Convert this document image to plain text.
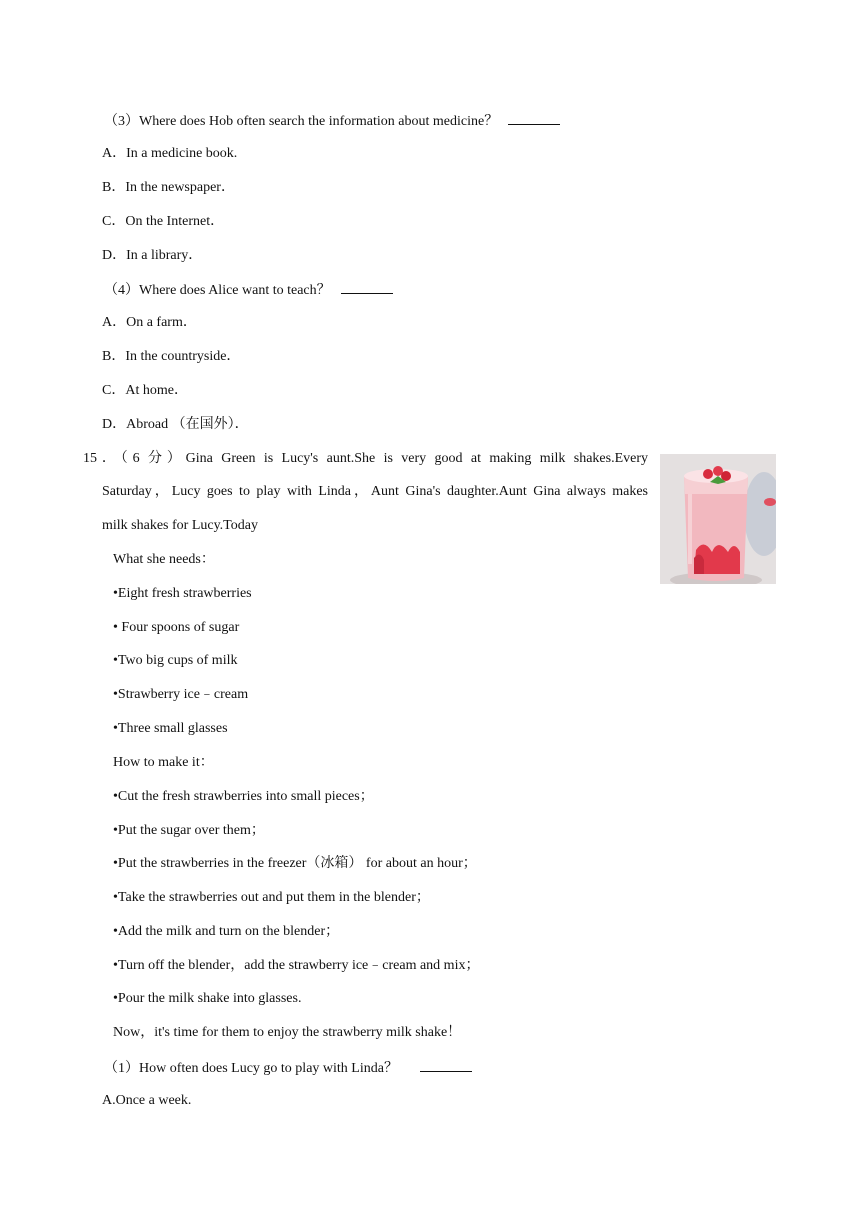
（3）Where does Hob often search the information about medicine？
A．In a medicine book.
B．In the newspaper．
C．On the Internet．
D．In a library．
（4）Where does Alice want to teach？
A．On a farm．
B．In the countryside．
C．At home．
D．Abroad （在国外）．
15．（6 分）Gina Green is Lucy's aunt.She is very good at making milk shakes.Every
Saturday，Lucy goes to play with Linda，Aunt Gina's daughter.Aunt Gina always makes
milk shakes for Lucy.Today
What she needs：
•Eight fresh strawberries
• Four spoons of sugar
•Two big cups of milk
•Strawberry ice﹣cream
•Three small glasses
How to make it：
•Cut the fresh strawberries into small pieces；
•Put the sugar over them；
•Put the strawberries in the freezer（冰箱） for about an hour；
•Take the strawberries out and put them in the blender；
•Add the milk and turn on the blender；
•Turn off the blender，add the strawberry ice﹣cream and mix；
•Pour the milk shake into glasses.
Now，it's time for them to enjoy the strawberry milk shake！
（1）How often does Lucy go to play with Linda？
A.Once a week.
